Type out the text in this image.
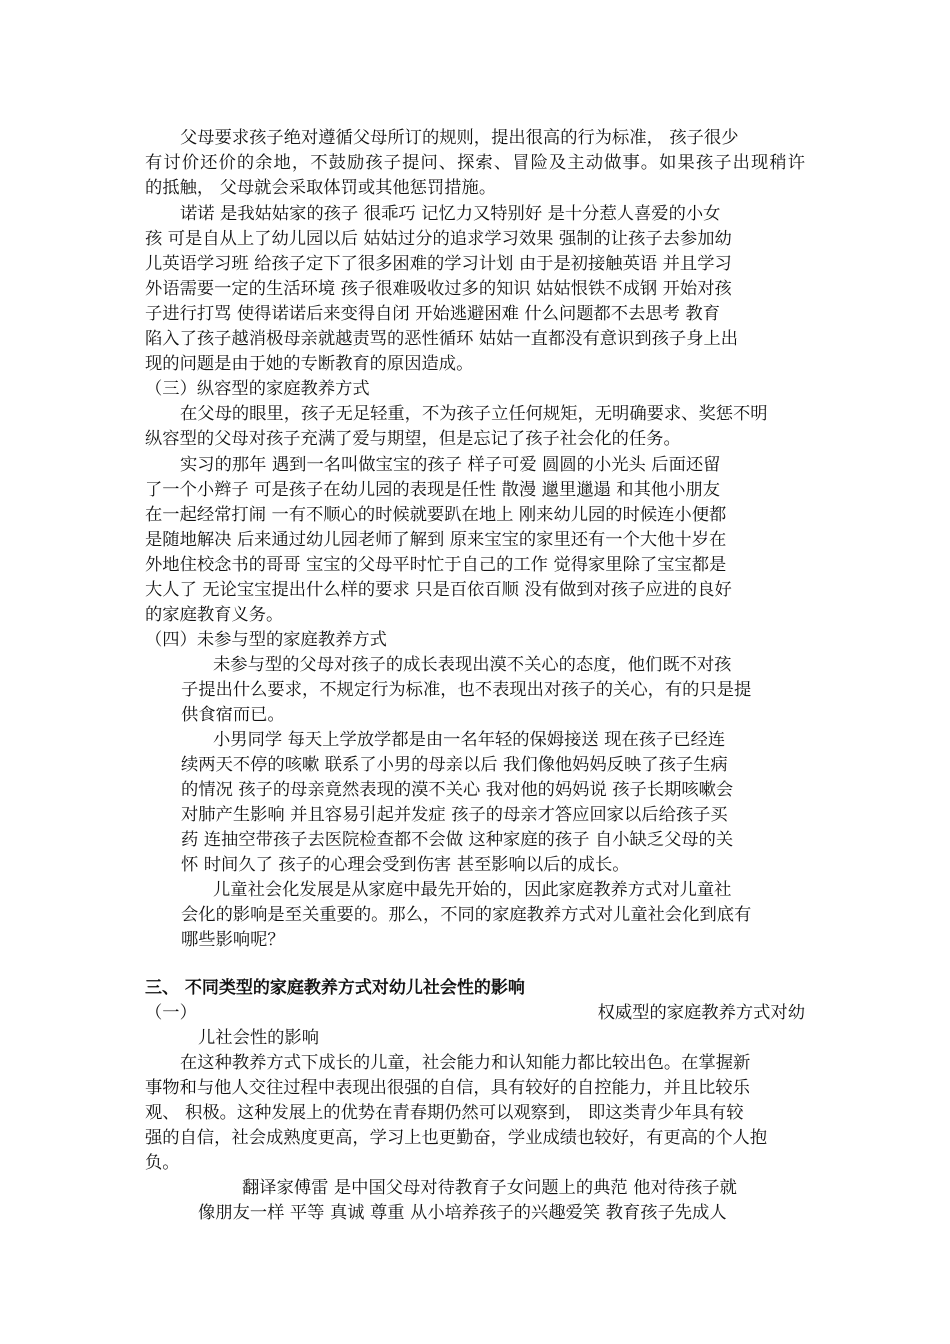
父母要求孩子绝对遵循父母所订的规则，提出很高的行为标准， 孩子很少
有讨价还价的余地，不鼓励孩子提问、探索、冒险及主动做事。如果孩子出现稍许
的抵触， 父母就会采取体罚或其他惩罚措施。
诺诺 是我姑姑家的孩子 很乖巧 记忆力又特别好 是十分惹人喜爱的小女
孩 可是自从上了幼儿园以后 姑姑过分的追求学习效果 强制的让孩子去参加幼
儿英语学习班 给孩子定下了很多困难的学习计划 由于是初接触英语 并且学习
外语需要一定的生活环境 孩子很难吸收过多的知识 姑姑恨铁不成钢 开始对孩
子进行打骂 使得诺诺后来变得自闭 开始逃避困难 什么问题都不去思考 教育
陷入了孩子越消极母亲就越责骂的恶性循环 姑姑一直都没有意识到孩子身上出
现的问题是由于她的专断教育的原因造成。
（三）纵容型的家庭教养方式
在父母的眼里，孩子无足轻重，不为孩子立任何规矩，无明确要求、奖惩不明
纵容型的父母对孩子充满了爱与期望，但是忘记了孩子社会化的任务。
实习的那年 遇到一名叫做宝宝的孩子 样子可爱 圆圆的小光头 后面还留
了一个小辫子 可是孩子在幼儿园的表现是任性 散漫 邋里邋遢 和其他小朋友
在一起经常打闹 一有不顺心的时候就要趴在地上 刚来幼儿园的时候连小便都
是随地解决 后来通过幼儿园老师了解到 原来宝宝的家里还有一个大他十岁在
外地住校念书的哥哥 宝宝的父母平时忙于自己的工作 觉得家里除了宝宝都是
大人了 无论宝宝提出什么样的要求 只是百依百顺 没有做到对孩子应进的良好
的家庭教育义务。
（四）未参与型的家庭教养方式
未参与型的父母对孩子的成长表现出漠不关心的态度，他们既不对孩
子提出什么要求，不规定行为标准，也不表现出对孩子的关心，有的只是提
供食宿而已。
小男同学 每天上学放学都是由一名年轻的保姆接送 现在孩子已经连
续两天不停的咳嗽 联系了小男的母亲以后 我们像他妈妈反映了孩子生病
的情况 孩子的母亲竟然表现的漠不关心 我对他的妈妈说 孩子长期咳嗽会
对肺产生影响 并且容易引起并发症 孩子的母亲才答应回家以后给孩子买
药 连抽空带孩子去医院检查都不会做 这种家庭的孩子 自小缺乏父母的关
怀 时间久了 孩子的心理会受到伤害 甚至影响以后的成长。
儿童社会化发展是从家庭中最先开始的，因此家庭教养方式对儿童社
会化的影响是至关重要的。那么，不同的家庭教养方式对儿童社会化到底有
哪些影响呢？
三、 不同类型的家庭教养方式对幼儿社会性的影响
（一）	权威型的家庭教养方式对幼
儿社会性的影响
在这种教养方式下成长的儿童，社会能力和认知能力都比较出色。在掌握新
事物和与他人交往过程中表现出很强的自信，具有较好的自控能力，并且比较乐
观、 积极。这种发展上的优势在青春期仍然可以观察到， 即这类青少年具有较
强的自信，社会成熟度更高，学习上也更勤奋，学业成绩也较好，有更高的个人抱
负。
翻译家傅雷 是中国父母对待教育子女问题上的典范 他对待孩子就
像朋友一样 平等 真诚 尊重 从小培养孩子的兴趣爱笑 教育孩子先成人
